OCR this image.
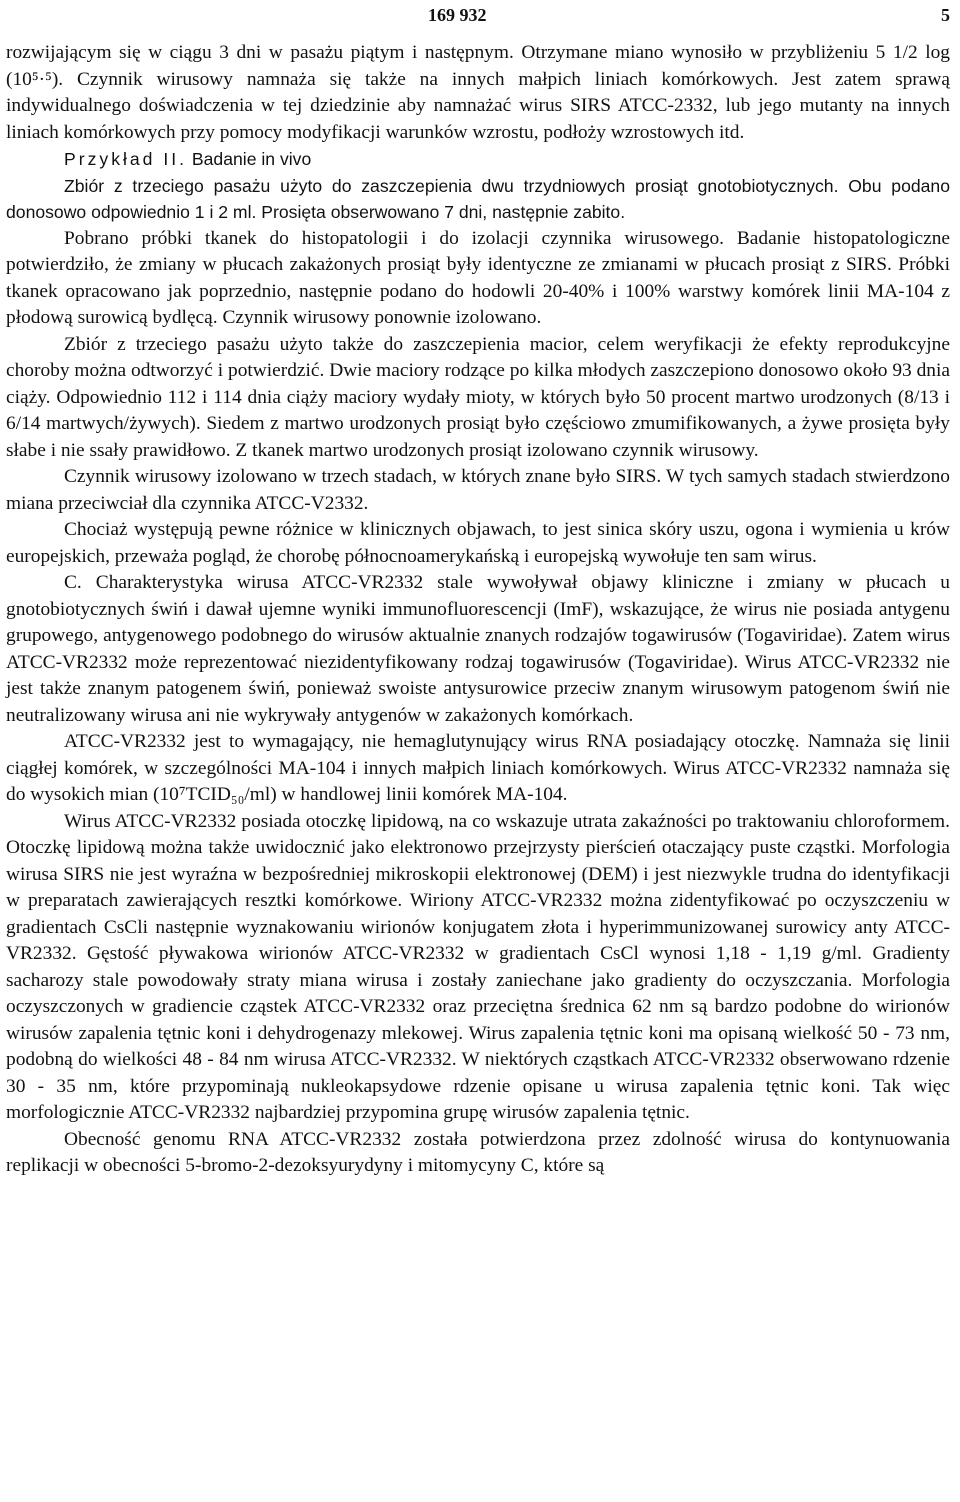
169 932	5

rozwijającym się w ciągu 3 dni w pasażu piątym i następnym. Otrzymane miano wynosiło w przybliżeniu 5 1/2 log (10⁵·⁵). Czynnik wirusowy namnaża się także na innych małpich liniach komórkowych. Jest zatem sprawą indywidualnego doświadczenia w tej dziedzinie aby namnażać wirus SIRS ATCC-2332, lub jego mutanty na innych liniach komórkowych przy pomocy modyfikacji warunków wzrostu, podłoży wzrostowych itd.

Przykład II. Badanie in vivo

Zbiór z trzeciego pasażu użyto do zaszczepienia dwu trzydniowych prosiąt gnotobiotycznych. Obu podano donosowo odpowiednio 1 i 2 ml. Prosięta obserwowano 7 dni, następnie zabito.

Pobrano próbki tkanek do histopatologii i do izolacji czynnika wirusowego. Badanie histopatologiczne potwierdziło, że zmiany w płucach zakażonych prosiąt były identyczne ze zmianami w płucach prosiąt z SIRS. Próbki tkanek opracowano jak poprzednio, następnie podano do hodowli 20-40% i 100% warstwy komórek linii MA-104 z płodową surowicą bydlęcą. Czynnik wirusowy ponownie izolowano.

Zbiór z trzeciego pasażu użyto także do zaszczepienia macior, celem weryfikacji że efekty reprodukcyjne choroby można odtworzyć i potwierdzić. Dwie maciory rodzące po kilka młodych zaszczepiono donosowo około 93 dnia ciąży. Odpowiednio 112 i 114 dnia ciąży maciory wydały mioty, w których było 50 procent martwo urodzonych (8/13 i 6/14 martwych/żywych). Siedem z martwo urodzonych prosiąt było częściowo zmumifikowanych, a żywe prosięta były słabe i nie ssały prawidłowo. Z tkanek martwo urodzonych prosiąt izolowano czynnik wirusowy.

Czynnik wirusowy izolowano w trzech stadach, w których znane było SIRS. W tych samych stadach stwierdzono miana przeciwciał dla czynnika ATCC-V2332.

Chociaż występują pewne różnice w klinicznych objawach, to jest sinica skóry uszu, ogona i wymienia u krów europejskich, przeważa pogląd, że chorobę północnoamerykańską i europejską wywołuje ten sam wirus.

C. Charakterystyka wirusa ATCC-VR2332 stale wywoływał objawy kliniczne i zmiany w płucach u gnotobiotycznych świń i dawał ujemne wyniki immunofluorescencji (ImF), wskazujące, że wirus nie posiada antygenu grupowego, antygenowego podobnego do wirusów aktualnie znanych rodzajów togawirusów (Togaviridae). Zatem wirus ATCC-VR2332 może reprezentować niezidentyfikowany rodzaj togawirusów (Togaviridae). Wirus ATCC-VR2332 nie jest także znanym patogenem świń, ponieważ swoiste antysurowice przeciw znanym wirusowym patogenom świń nie neutralizowany wirusa ani nie wykrywały antygenów w zakażonych komórkach.

ATCC-VR2332 jest to wymagający, nie hemaglutynujący wirus RNA posiadający otoczkę. Namnaża się linii ciągłej komórek, w szczególności MA-104 i innych małpich liniach komórkowych. Wirus ATCC-VR2332 namnaża się do wysokich mian (10⁷TCID₅₀/ml) w handlowej linii komórek MA-104.

Wirus ATCC-VR2332 posiada otoczkę lipidową, na co wskazuje utrata zakaźności po traktowaniu chloroformem. Otoczkę lipidową można także uwidocznić jako elektronowo przejrzysty pierścień otaczający puste cząstki. Morfologia wirusa SIRS nie jest wyraźna w bezpośredniej mikroskopii elektronowej (DEM) i jest niezwykle trudna do identyfikacji w preparatach zawierających resztki komórkowe. Wiriony ATCC-VR2332 można zidentyfikować po oczyszczeniu w gradientach CsCli następnie wyznakowaniu wirionów konjugatem złota i hyperimmunizowanej surowicy anty ATCC-VR2332. Gęstość pływakowa wirionów ATCC-VR2332 w gradientach CsCl wynosi 1,18 - 1,19 g/ml. Gradienty sacharozy stale powodowały straty miana wirusa i zostały zaniechane jako gradienty do oczyszczania. Morfologia oczyszczonych w gradiencie cząstek ATCC-VR2332 oraz przeciętna średnica 62 nm są bardzo podobne do wirionów wirusów zapalenia tętnic koni i dehydrogenazy mlekowej. Wirus zapalenia tętnic koni ma opisaną wielkość 50 - 73 nm, podobną do wielkości 48 - 84 nm wirusa ATCC-VR2332. W niektórych cząstkach ATCC-VR2332 obserwowano rdzenie 30 - 35 nm, które przypominają nukleokapsydowe rdzenie opisane u wirusa zapalenia tętnic koni. Tak więc morfologicznie ATCC-VR2332 najbardziej przypomina grupę wirusów zapalenia tętnic.

Obecność genomu RNA ATCC-VR2332 została potwierdzona przez zdolność wirusa do kontynuowania replikacji w obecności 5-bromo-2-dezoksyurydyny i mitomycyny C, które są
